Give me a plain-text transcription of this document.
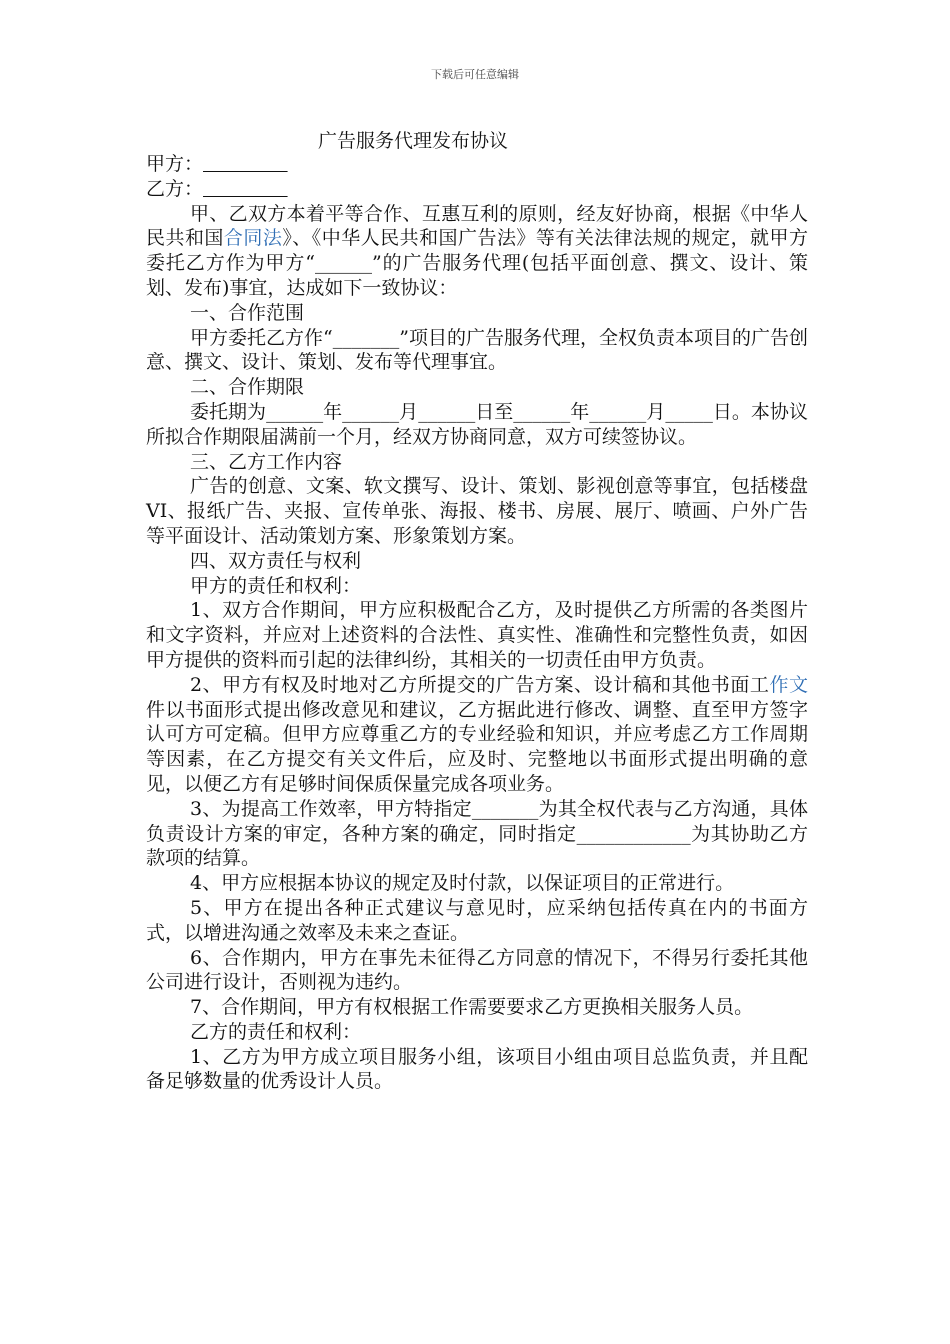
下载后可任意编辑
广告服务代理发布协议

甲方：

乙方：

甲、乙双方本着平等合作、互惠互利的原则，经友好协商，根据《中华人民共和国合同法》、《中华人民共和国广告法》等有关法律法规的规定，就甲方委托乙方作为甲方“______”的广告服务代理(包括平面创意、撰文、设计、策划、发布)事宜，达成如下一致协议：

一、合作范围

甲方委托乙方作“_______”项目的广告服务代理，全权负责本项目的广告创意、撰文、设计、策划、发布等代理事宜。

二、合作期限

委托期为______年______月______日至______年______月_____日。本协议所拟合作期限届满前一个月，经双方协商同意，双方可续签协议。

三、乙方工作内容

广告的创意、文案、软文撰写、设计、策划、影视创意等事宜，包括楼盘VI、报纸广告、夹报、宣传单张、海报、楼书、房展、展厅、喷画、户外广告等平面设计、活动策划方案、形象策划方案。

四、双方责任与权利

甲方的责任和权利：

1、双方合作期间，甲方应积极配合乙方，及时提供乙方所需的各类图片和文字资料，并应对上述资料的合法性、真实性、准确性和完整性负责，如因甲方提供的资料而引起的法律纠纷，其相关的一切责任由甲方负责。

2、甲方有权及时地对乙方所提交的广告方案、设计稿和其他书面工作文件以书面形式提出修改意见和建议，乙方据此进行修改、调整、直至甲方签字认可方可定稿。但甲方应尊重乙方的专业经验和知识，并应考虑乙方工作周期等因素，在乙方提交有关文件后，应及时、完整地以书面形式提出明确的意见，以便乙方有足够时间保质保量完成各项业务。

3、为提高工作效率，甲方特指定_______为其全权代表与乙方沟通，具体负责设计方案的审定，各种方案的确定，同时指定____________为其协助乙方款项的结算。

4、甲方应根据本协议的规定及时付款，以保证项目的正常进行。

5、甲方在提出各种正式建议与意见时，应采纳包括传真在内的书面方式，以增进沟通之效率及未来之查证。

6、合作期内，甲方在事先未征得乙方同意的情况下，不得另行委托其他公司进行设计，否则视为违约。

7、合作期间，甲方有权根据工作需要要求乙方更换相关服务人员。

乙方的责任和权利：

1、乙方为甲方成立项目服务小组，该项目小组由项目总监负责，并且配备足够数量的优秀设计人员。
